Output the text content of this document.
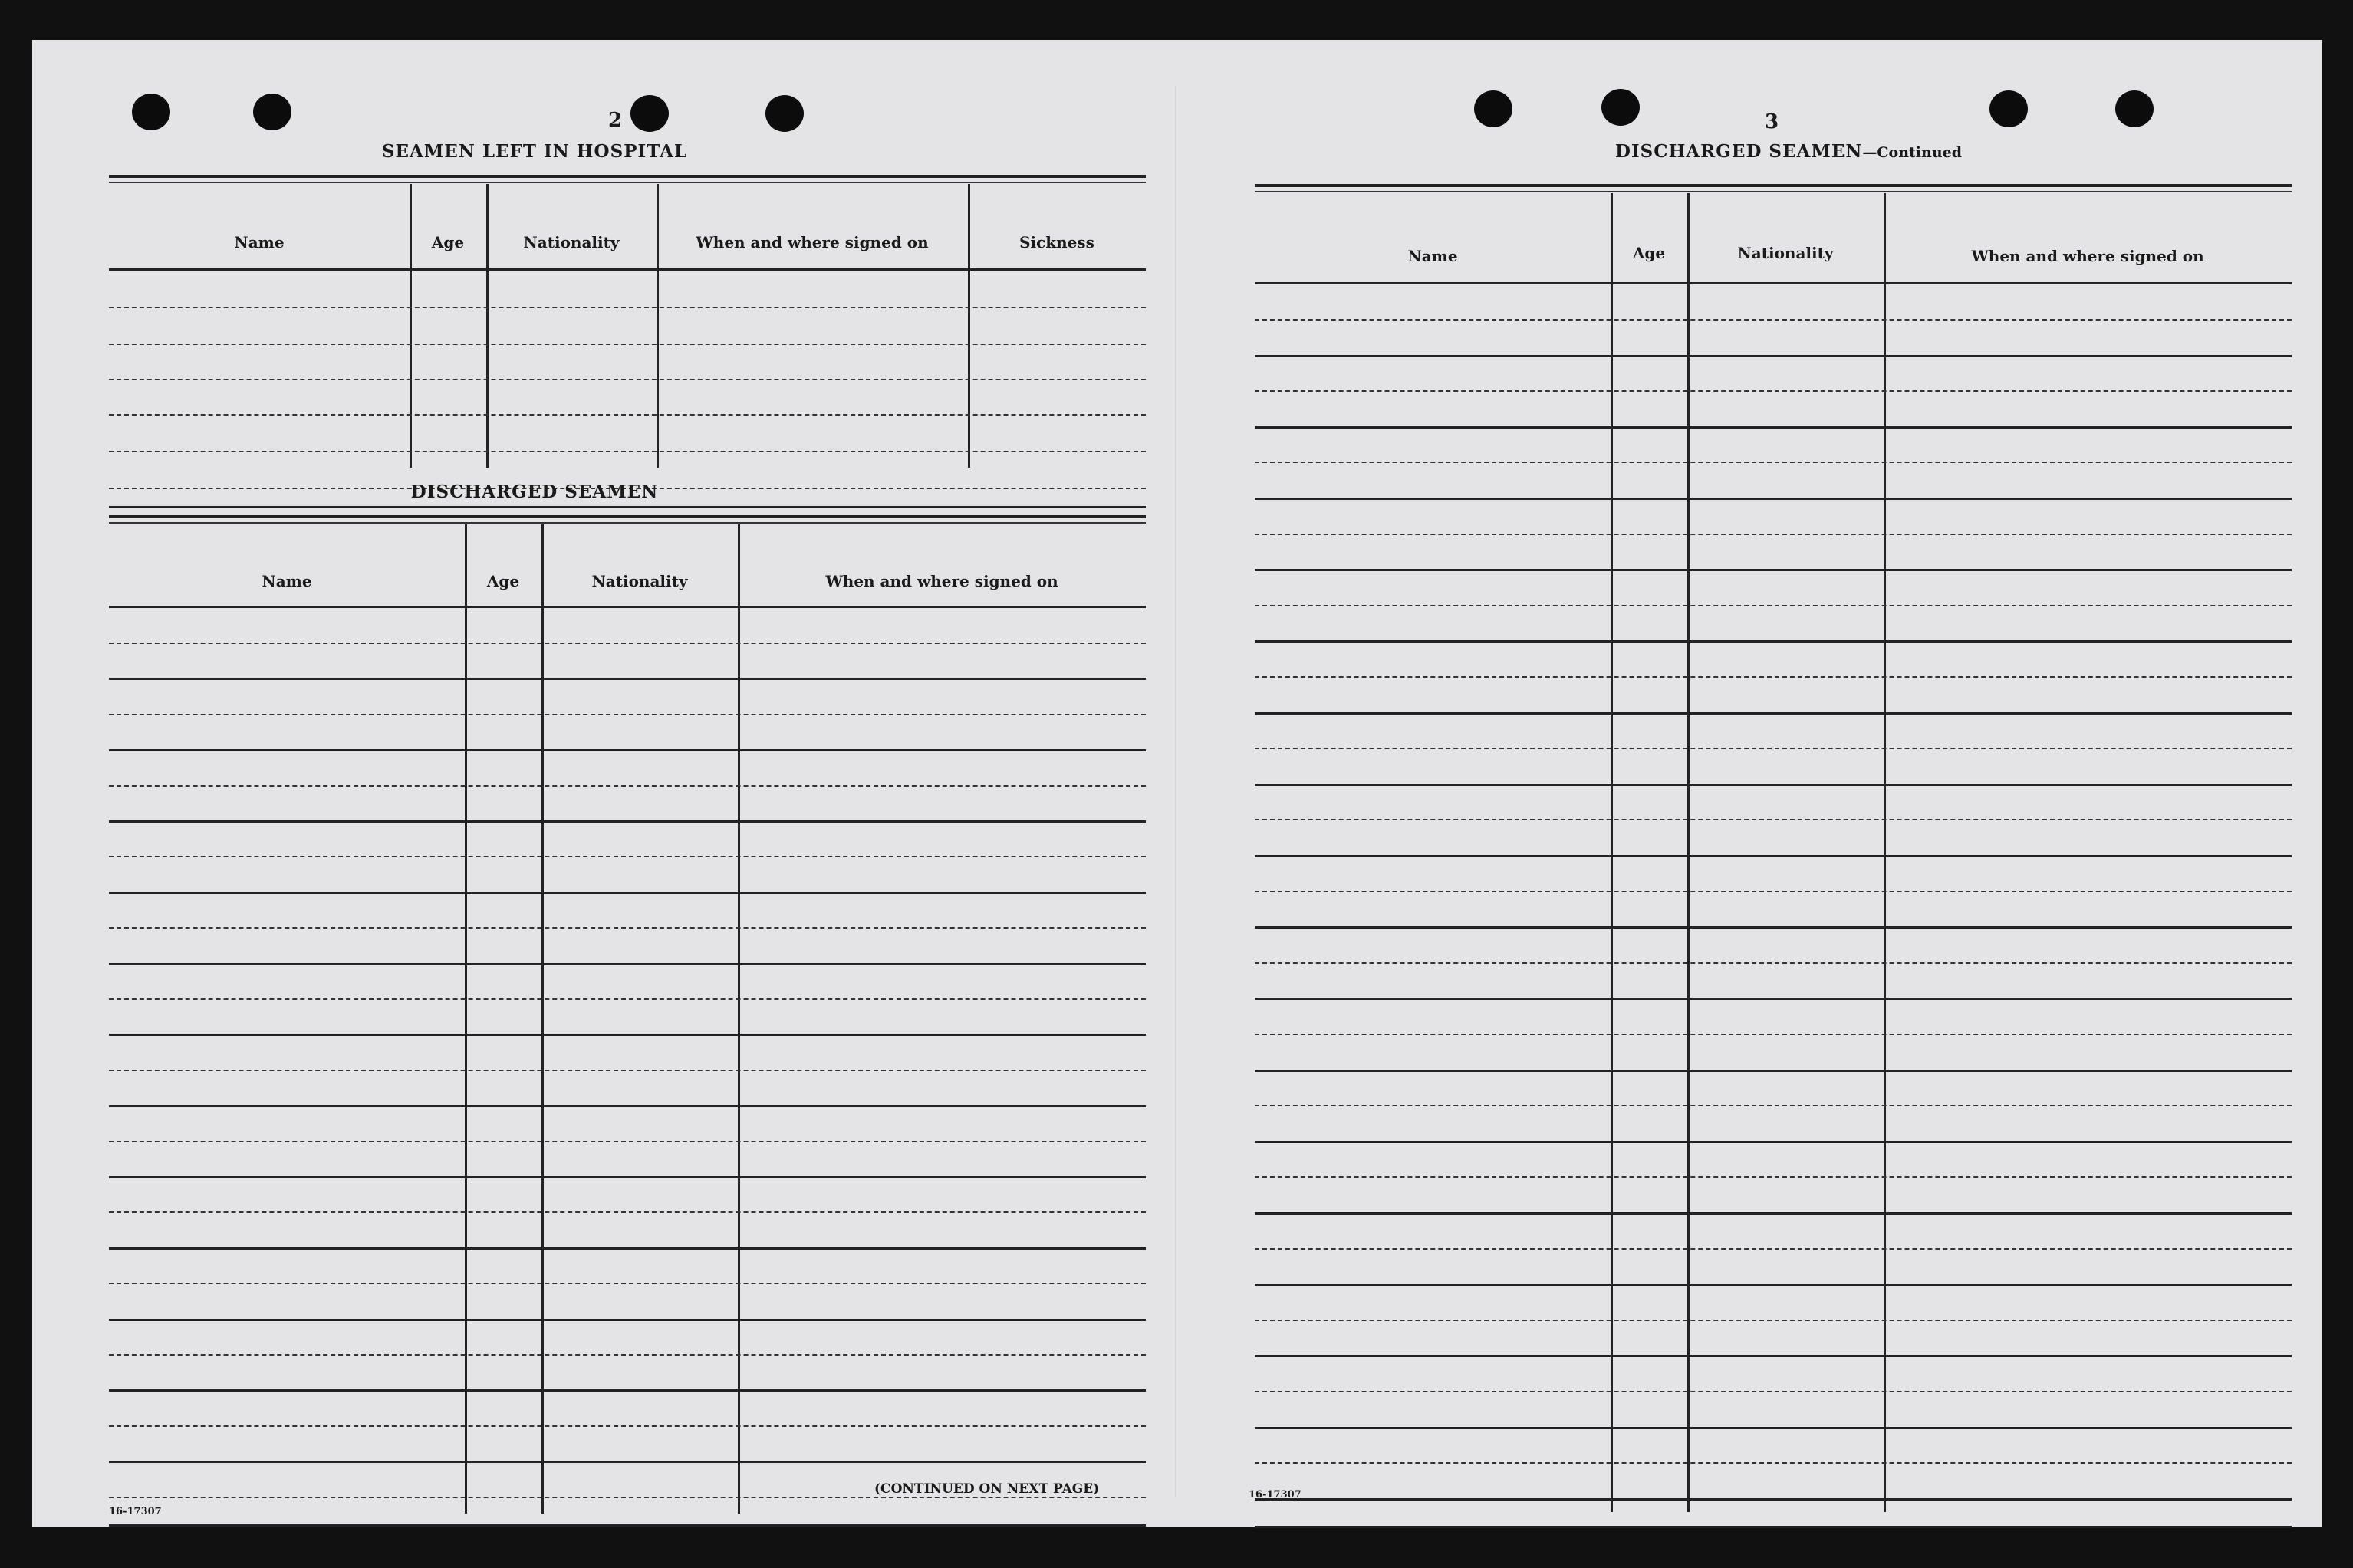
2
SEAMEN LEFT IN HOSPITAL
Name	Age	Nationality	When and where signed on	Sickness
DISCHARGED SEAMEN
Name	Age	Nationality	When and where signed on
16-17307
(CONTINUED ON NEXT PAGE)
3
DISCHARGED SEAMEN—Continued
Name	Age	Nationality	When and where signed on
16-17307
